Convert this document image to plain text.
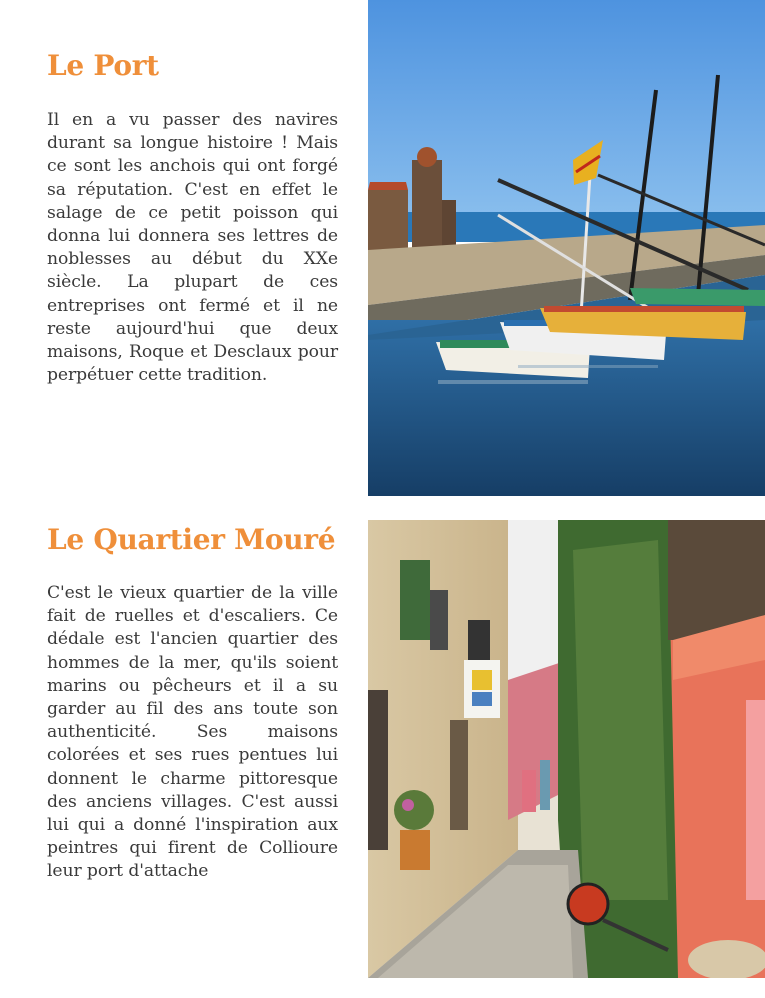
Le Port

Il en a vu passer des navires durant sa longue histoire ! Mais ce sont les anchois qui ont forgé sa réputation. C'est en effet le salage de ce petit poisson qui donna lui donnera ses lettres de noblesses au début du XXe siècle. La plupart de ces entreprises ont fermé et il ne reste aujourd'hui que deux maisons, Roque et Desclaux pour perpétuer cette tradition.

Le Quartier Mouré

C'est le vieux quartier de la ville fait de ruelles et d'escaliers. Ce dédale est l'ancien quartier des hommes de la mer, qu'ils soient marins ou pêcheurs et il a su garder au fil des ans toute son authenticité. Ses maisons colorées et ses rues pentues lui donnent le charme pittoresque des anciens villages. C'est aussi lui qui a donné l'inspiration aux peintres qui firent de Collioure leur port d'attache
